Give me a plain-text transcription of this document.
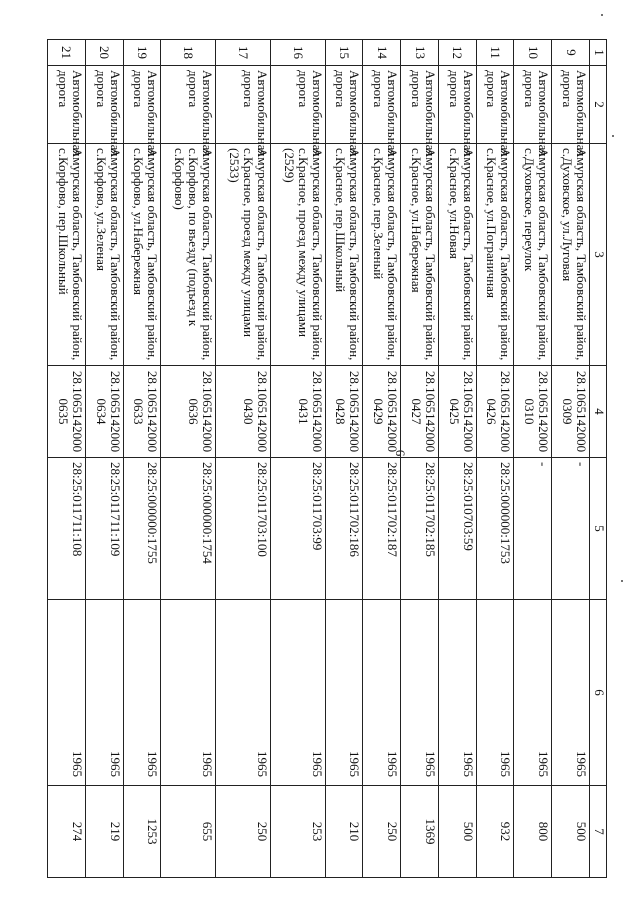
6
1	2	3	4	5	6	7
9	Автомобильная дорога	Амурская область, Тамбовский район, с.Духовское, ул.Луговая	28.1065142000 0309	-	1965	500
10	Автомобильная дорога	Амурская область, Тамбовский район, с.Духовское, переулок	28.1065142000 0310	-	1965	800
11	Автомобильная дорога	Амурская область, Тамбовский район, с.Красное, ул.Пограничная	28.1065142000 0426	28:25:000000:1753	1965	932
12	Автомобильная дорога	Амурская область, Тамбовский район, с.Красное, ул.Новая	28.1065142000 0425	28:25:010703:59	1965	500
13	Автомобильная дорога	Амурская область, Тамбовский район, с.Красное, ул.Набережная	28.1065142000 0427	28:25:011702:185	1965	1369
14	Автомобильная дорога	Амурская область, Тамбовский район, с.Красное, пер.Зеленый	28.1065142000 0429	28:25:011702:187	1965	250
15	Автомобильная дорога	Амурская область, Тамбовский район, с.Красное, пер.Школьный	28.1065142000 0428	28:25:011702:186	1965	210
16	Автомобильная дорога	Амурская область, Тамбовский район, с.Красное, проезд между улицами (2529)	28.1065142000 0431	28:25:011703:99	1965	253
17	Автомобильная дорога	Амурская область, Тамбовский район, с.Красное, проезд между улицами (2533)	28.1065142000 0430	28:25:011703:100	1965	250
18	Автомобильная дорога	Амурская область, Тамбовский район, с.Корфово, по въезду (подъезд к с.Корфово)	28.1065142000 0636	28:25:000000:1754	1965	655
19	Автомобильная дорога	Амурская область, Тамбовский район, с.Корфово, ул.Набережная	28.1065142000 0633	28:25:000000:1755	1965	1253
20	Автомобильная дорога	Амурская область, Тамбовский район, с.Корфово, ул.Зеленая	28.1065142000 0634	28:25:011711:109	1965	219
21	Автомобильная дорога	Амурская область, Тамбовский район, с.Корфово, пер.Школьный	28.1065142000 0635	28:25:011711:108	1965	274
